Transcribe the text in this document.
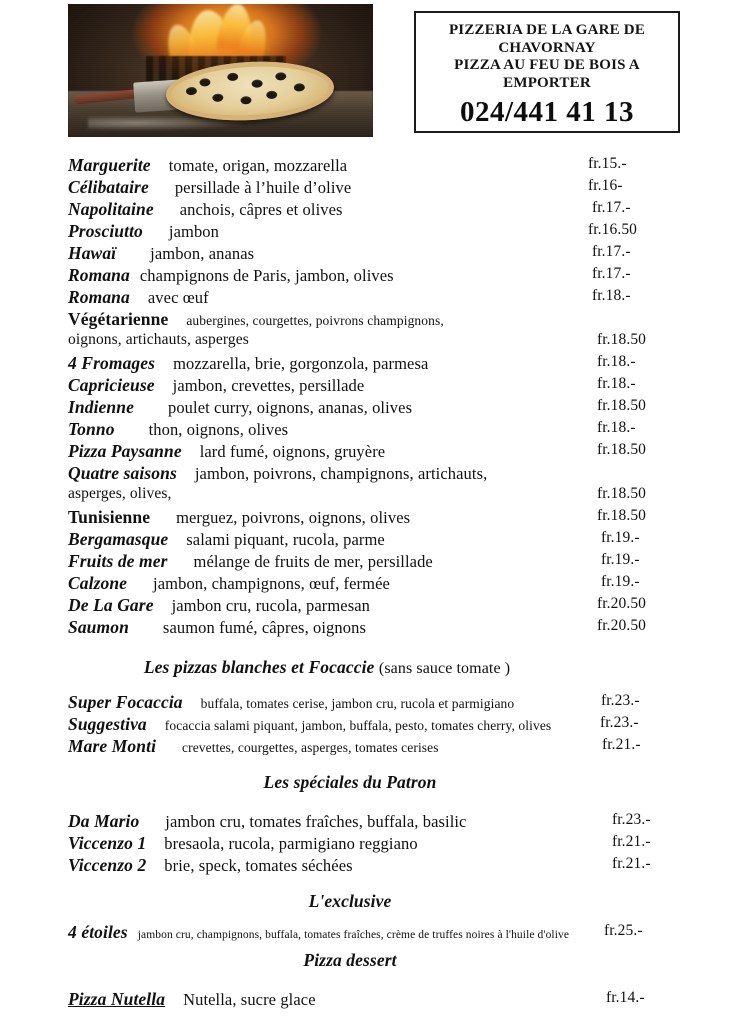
PIZZERIA DE LA GARE DE
CHAVORNAY
PIZZA AU FEU DE BOIS A
EMPORTER
024/441 41 13
Marguerite tomate, origan, mozzarella	fr.15.-
Célibataire persillade à l’huile d’olive	fr.16-
Napolitaine anchois, câpres et olives	fr.17.-
Prosciutto jambon	fr.16.50
Hawaï jambon, ananas	fr.17.-
Romana champignons de Paris, jambon, olives	fr.17.-
Romana avec œuf	fr.18.-
Végétarienne aubergines, courgettes, poivrons champignons,
oignons, artichauts, asperges	fr.18.50
4 Fromages mozzarella, brie, gorgonzola, parmesa	fr.18.-
Capricieuse jambon, crevettes, persillade	fr.18.-
Indienne poulet curry, oignons, ananas, olives	fr.18.50
Tonno thon, oignons, olives	fr.18.-
Pizza Paysanne lard fumé, oignons, gruyère	fr.18.50
Quatre saisons jambon, poivrons, champignons, artichauts,
asperges, olives,	fr.18.50
Tunisienne merguez, poivrons, oignons, olives	fr.18.50
Bergamasque salami piquant, rucola, parme	fr.19.-
Fruits de mer mélange de fruits de mer, persillade	fr.19.-
Calzone jambon, champignons, œuf, fermée	fr.19.-
De La Gare jambon cru, rucola, parmesan	fr.20.50
Saumon saumon fumé, câpres, oignons	fr.20.50
Les pizzas blanches et Focaccie (sans sauce tomate )
Super Focaccia buffala, tomates cerise, jambon cru, rucola et parmigiano	fr.23.-
Suggestiva focaccia salami piquant, jambon, buffala, pesto, tomates cherry, olives	fr.23.-
Mare Monti crevettes, courgettes, asperges, tomates cerises	fr.21.-
Les spéciales du Patron
Da Mario jambon cru, tomates fraîches, buffala, basilic	fr.23.-
Viccenzo 1 bresaola, rucola, parmigiano reggiano	fr.21.-
Viccenzo 2 brie, speck, tomates séchées	fr.21.-
L'exclusive
4 étoiles jambon cru, champignons, buffala, tomates fraîches, crème de truffes noires à l'huile d'olive fr.25.-
Pizza dessert
Pizza Nutella Nutella, sucre glace	fr.14.-
